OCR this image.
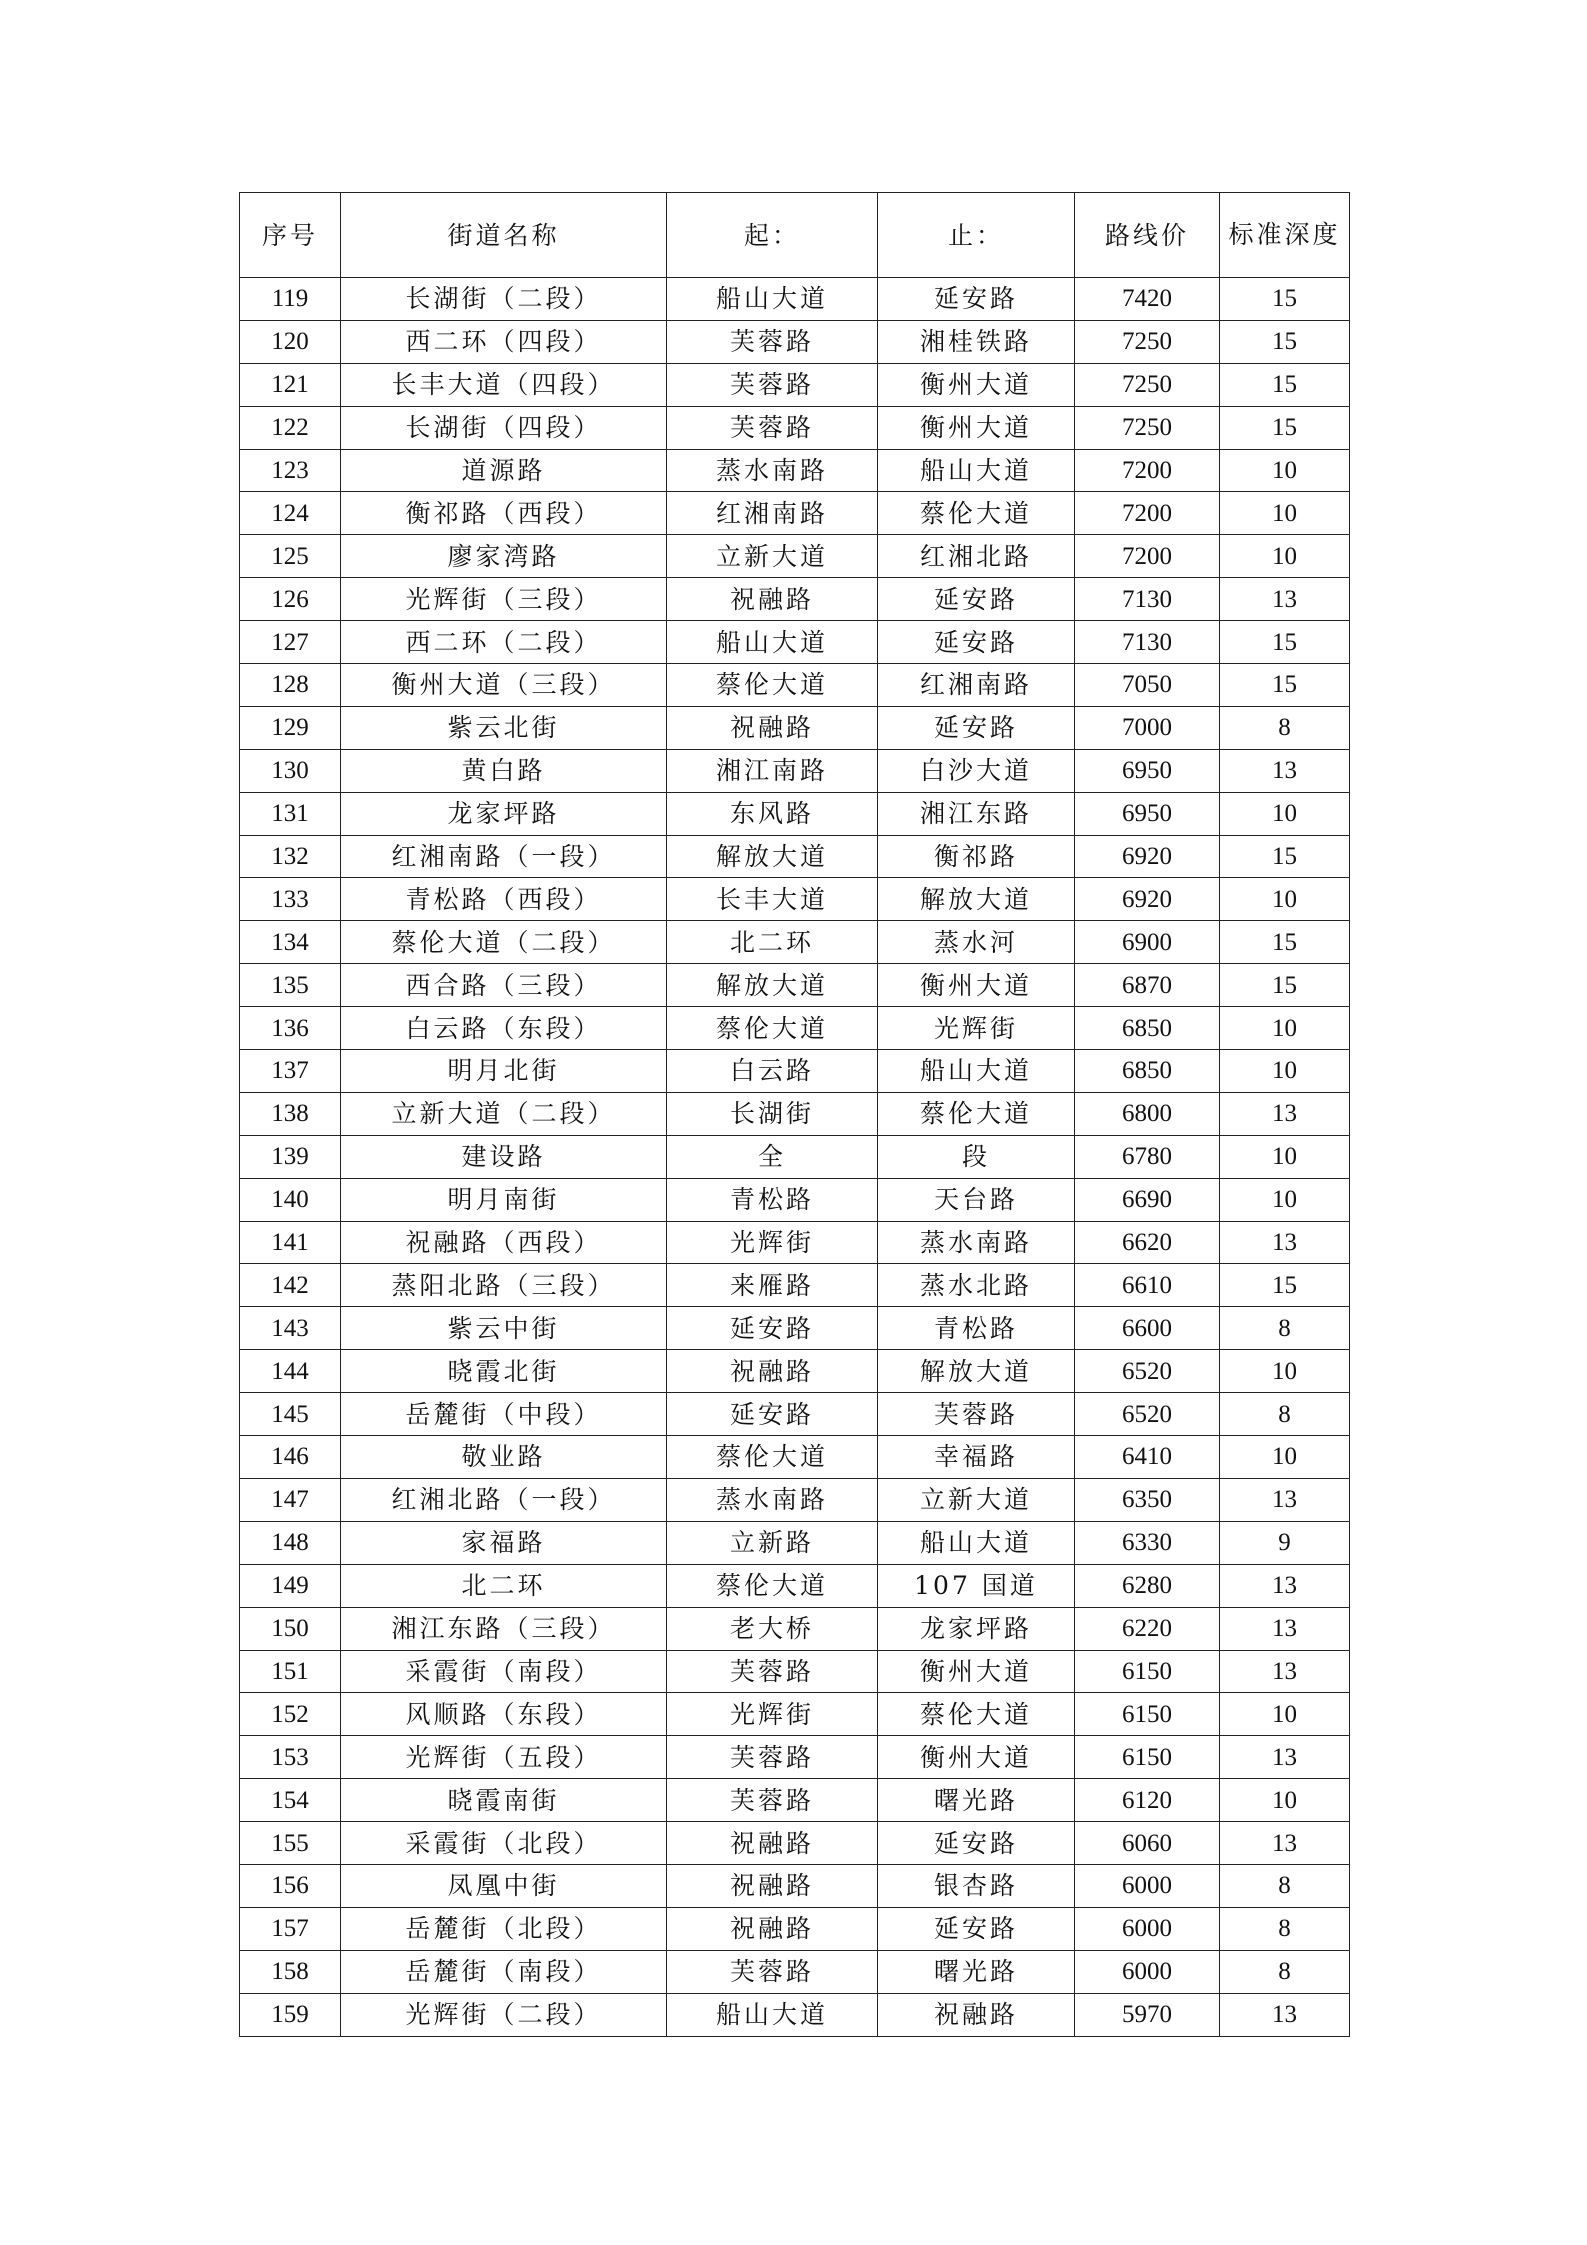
序号	街道名称	起：	止：	路线价	标准深度
119	长湖街（二段）	船山大道	延安路	7420	15
120	西二环（四段）	芙蓉路	湘桂铁路	7250	15
121	长丰大道（四段）	芙蓉路	衡州大道	7250	15
122	长湖街（四段）	芙蓉路	衡州大道	7250	15
123	道源路	蒸水南路	船山大道	7200	10
124	衡祁路（西段）	红湘南路	蔡伦大道	7200	10
125	廖家湾路	立新大道	红湘北路	7200	10
126	光辉街（三段）	祝融路	延安路	7130	13
127	西二环（二段）	船山大道	延安路	7130	15
128	衡州大道（三段）	蔡伦大道	红湘南路	7050	15
129	紫云北街	祝融路	延安路	7000	8
130	黄白路	湘江南路	白沙大道	6950	13
131	龙家坪路	东风路	湘江东路	6950	10
132	红湘南路（一段）	解放大道	衡祁路	6920	15
133	青松路（西段）	长丰大道	解放大道	6920	10
134	蔡伦大道（二段）	北二环	蒸水河	6900	15
135	西合路（三段）	解放大道	衡州大道	6870	15
136	白云路（东段）	蔡伦大道	光辉街	6850	10
137	明月北街	白云路	船山大道	6850	10
138	立新大道（二段）	长湖街	蔡伦大道	6800	13
139	建设路	全	段	6780	10
140	明月南街	青松路	天台路	6690	10
141	祝融路（西段）	光辉街	蒸水南路	6620	13
142	蒸阳北路（三段）	来雁路	蒸水北路	6610	15
143	紫云中街	延安路	青松路	6600	8
144	晓霞北街	祝融路	解放大道	6520	10
145	岳麓街（中段）	延安路	芙蓉路	6520	8
146	敬业路	蔡伦大道	幸福路	6410	10
147	红湘北路（一段）	蒸水南路	立新大道	6350	13
148	家福路	立新路	船山大道	6330	9
149	北二环	蔡伦大道	107 国道	6280	13
150	湘江东路（三段）	老大桥	龙家坪路	6220	13
151	采霞街（南段）	芙蓉路	衡州大道	6150	13
152	风顺路（东段）	光辉街	蔡伦大道	6150	10
153	光辉街（五段）	芙蓉路	衡州大道	6150	13
154	晓霞南街	芙蓉路	曙光路	6120	10
155	采霞街（北段）	祝融路	延安路	6060	13
156	凤凰中街	祝融路	银杏路	6000	8
157	岳麓街（北段）	祝融路	延安路	6000	8
158	岳麓街（南段）	芙蓉路	曙光路	6000	8
159	光辉街（二段）	船山大道	祝融路	5970	13
